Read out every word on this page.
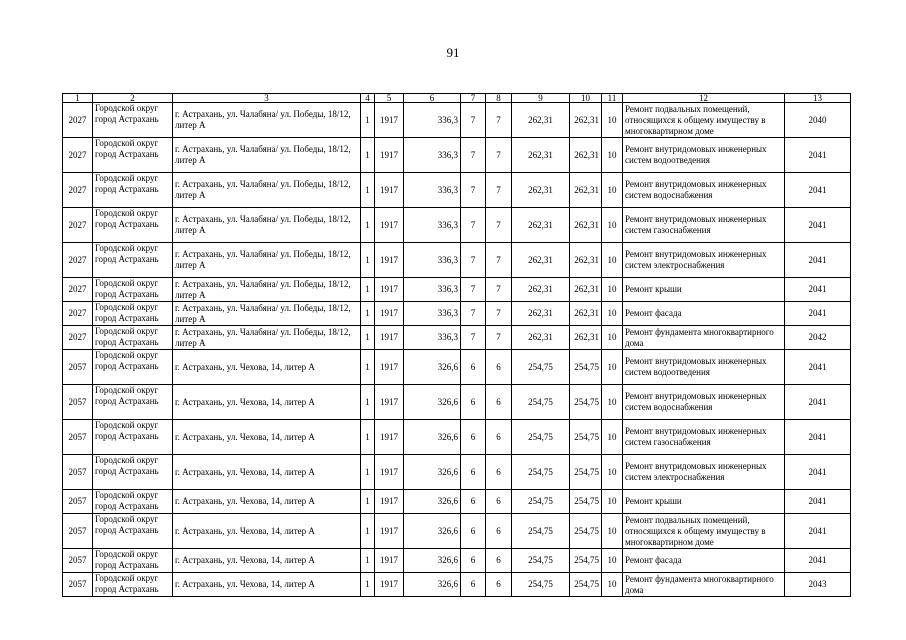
91
1	2	3	4	5	6	7	8	9	10	11	12	13
2027	Городской округ город Астрахань	г. Астрахань, ул. Чалабяна/ ул. Победы, 18/12, литер А	1	1917	336,3	7	7	262,31	262,31	10	Ремонт подвальных помещений, относящихся к общему имуществу в многоквартирном доме	2040
2027	Городской округ город Астрахань	г. Астрахань, ул. Чалабяна/ ул. Победы, 18/12, литер А	1	1917	336,3	7	7	262,31	262,31	10	Ремонт внутридомовых инженерных систем водоотведения	2041
2027	Городской округ город Астрахань	г. Астрахань, ул. Чалабяна/ ул. Победы, 18/12, литер А	1	1917	336,3	7	7	262,31	262,31	10	Ремонт внутридомовых инженерных систем водоснабжения	2041
2027	Городской округ город Астрахань	г. Астрахань, ул. Чалабяна/ ул. Победы, 18/12, литер А	1	1917	336,3	7	7	262,31	262,31	10	Ремонт внутридомовых инженерных систем газоснабжения	2041
2027	Городской округ город Астрахань	г. Астрахань, ул. Чалабяна/ ул. Победы, 18/12, литер А	1	1917	336,3	7	7	262,31	262,31	10	Ремонт внутридомовых инженерных систем электроснабжения	2041
2027	Городской округ город Астрахань	г. Астрахань, ул. Чалабяна/ ул. Победы, 18/12, литер А	1	1917	336,3	7	7	262,31	262,31	10	Ремонт крыши	2041
2027	Городской округ город Астрахань	г. Астрахань, ул. Чалабяна/ ул. Победы, 18/12, литер А	1	1917	336,3	7	7	262,31	262,31	10	Ремонт фасада	2041
2027	Городской округ город Астрахань	г. Астрахань, ул. Чалабяна/ ул. Победы, 18/12, литер А	1	1917	336,3	7	7	262,31	262,31	10	Ремонт фундамента многоквартирного дома	2042
2057	Городской округ город Астрахань	г. Астрахань, ул. Чехова, 14, литер А	1	1917	326,6	6	6	254,75	254,75	10	Ремонт внутридомовых инженерных систем водоотведения	2041
2057	Городской округ город Астрахань	г. Астрахань, ул. Чехова, 14, литер А	1	1917	326,6	6	6	254,75	254,75	10	Ремонт внутридомовых инженерных систем водоснабжения	2041
2057	Городской округ город Астрахань	г. Астрахань, ул. Чехова, 14, литер А	1	1917	326,6	6	6	254,75	254,75	10	Ремонт внутридомовых инженерных систем газоснабжения	2041
2057	Городской округ город Астрахань	г. Астрахань, ул. Чехова, 14, литер А	1	1917	326,6	6	6	254,75	254,75	10	Ремонт внутридомовых инженерных систем электроснабжения	2041
2057	Городской округ город Астрахань	г. Астрахань, ул. Чехова, 14, литер А	1	1917	326,6	6	6	254,75	254,75	10	Ремонт крыши	2041
2057	Городской округ город Астрахань	г. Астрахань, ул. Чехова, 14, литер А	1	1917	326,6	6	6	254,75	254,75	10	Ремонт подвальных помещений, относящихся к общему имуществу в многоквартирном доме	2041
2057	Городской округ город Астрахань	г. Астрахань, ул. Чехова, 14, литер А	1	1917	326,6	6	6	254,75	254,75	10	Ремонт фасада	2041
2057	Городской округ город Астрахань	г. Астрахань, ул. Чехова, 14, литер А	1	1917	326,6	6	6	254,75	254,75	10	Ремонт фундамента многоквартирного дома	2043
